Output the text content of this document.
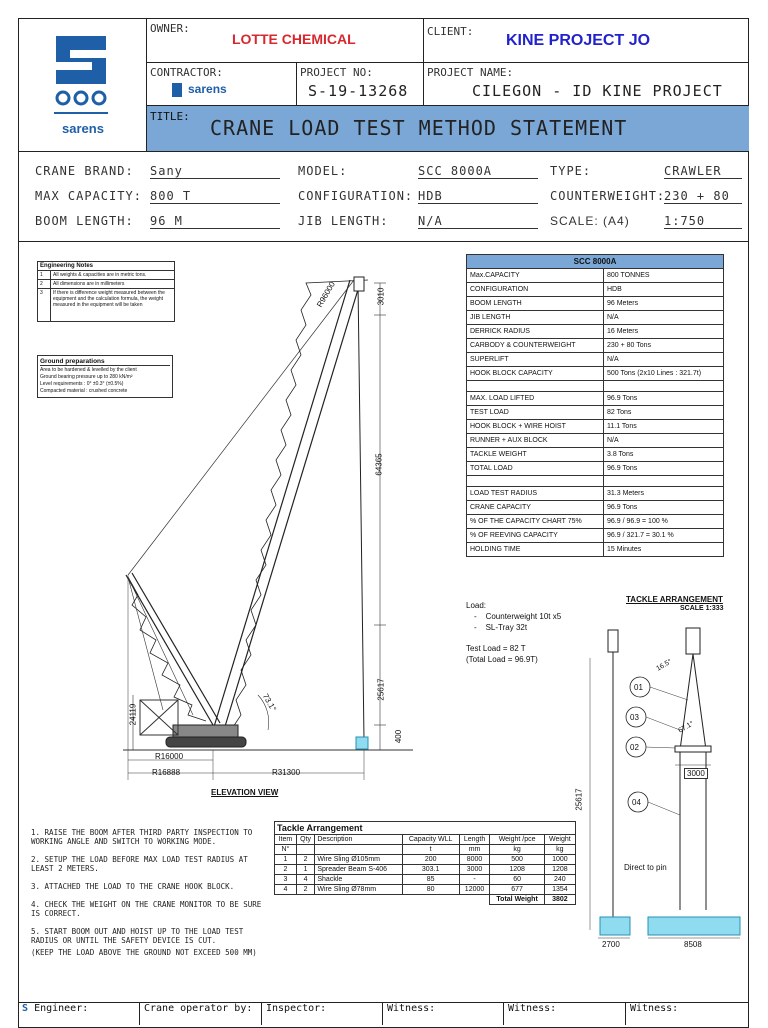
sarens
OWNER:
LOTTE CHEMICAL	CLIENT:
KINE PROJECT JO
CONTRACTOR:
sarens
PROJECT NO:
S-19-13268
PROJECT NAME:
CILEGON - ID KINE PROJECT
TITLE: CRANE LOAD TEST METHOD STATEMENT
CRANE BRAND: Sany	MODEL:	SCC 8000A	TYPE:	CRAWLER
MAX CAPACITY: 800 T	CONFIGURATION: HDB	COUNTERWEIGHT:
230 + 80
BOOM LENGTH: 96 M	JIB LENGTH: N/A	SCALE: (A4)	1:750
Engineering Notes	
1	All weights & capacities are in metric tons.
2	All dimensions are in millimeters
3	If there is difference weight measured between the equipment and the calculation formula, the weight measured in the equipment will be taken
Ground preparations
Area to be hardened & levelled by the client
Ground bearing pressure up to 280 kN/m²
Level requirements : 0° ±0.3° (±0.5%)
Compacted material : crushed concrete
SCC 8000A	
Max.CAPACITY	800 TONNES
CONFIGURATION	HDB
BOOM LENGTH	96 Meters
JIB LENGTH	N/A
DERRICK RADIUS	16 Meters
CARBODY & COUNTERWEIGHT	230 + 80 Tons
SUPERLIFT	N/A
HOOK BLOCK CAPACITY	500 Tons (2x10 Lines : 321.7t)

MAX. LOAD LIFTED	96.9 Tons
TEST LOAD	82 Tons
HOOK BLOCK + WIRE HOIST	11.1 Tons
RUNNER + AUX BLOCK	N/A
TACKLE WEIGHT	3.8 Tons
TOTAL LOAD	96.9 Tons

LOAD TEST RADIUS	31.3 Meters
CRANE CAPACITY	96.9 Tons
% OF THE CAPACITY CHART 75%	96.9 / 96.9 = 100 %
% OF REEVING CAPACITY	96.9 / 321.7 = 30.1 %
HOLDING TIME	15 Minutes
R96000	3010
64365
25617
400
24119
73.1°
R16000
R16888	R31300
ELEVATION VIEW
Load:
-    Counterweight 10t x5
-    SL-Tray 32t
Test Load = 82 T
(Total Load = 96.9T)
TACKLE ARRANGEMENT
SCALE 1:333
01
03
02
04
16.5°
67.1°
3000
25617
Direct to pin
2700	8508
1. RAISE THE BOOM AFTER THIRD PARTY INSPECTION TO WORKING ANGLE AND SWITCH TO WORKING MODE.
2. SETUP THE LOAD BEFORE MAX LOAD TEST RADIUS AT LEAST 2 METERS.
3. ATTACHED THE LOAD TO THE CRANE HOOK BLOCK.
4. CHECK THE WEIGHT ON THE CRANE MONITOR TO BE SURE IS CORRECT.
5. START BOOM OUT AND HOIST UP TO THE LOAD TEST RADIUS OR UNTIL THE SAFETY DEVICE IS CUT.
(KEEP THE LOAD ABOVE THE GROUND NOT EXCEED 500 MM)
Tackle Arrangement						
Item	Qty	Description	Capacity WLL	Length	Weight /pce	Weight
N°			t	mm	kg	kg
1	2	Wire Sling Ø105mm	200	8000	500	1000
2	1	Spreader Beam S-406	303.1	3000	1208	1208
3	4	Shackle	85	-	60	240
4	2	Wire Sling Ø78mm	80	12000	677	1354
					Total Weight	3802
S Engineer:	Crane operator by:	Inspector:	Witness:	Witness:	Witness:
